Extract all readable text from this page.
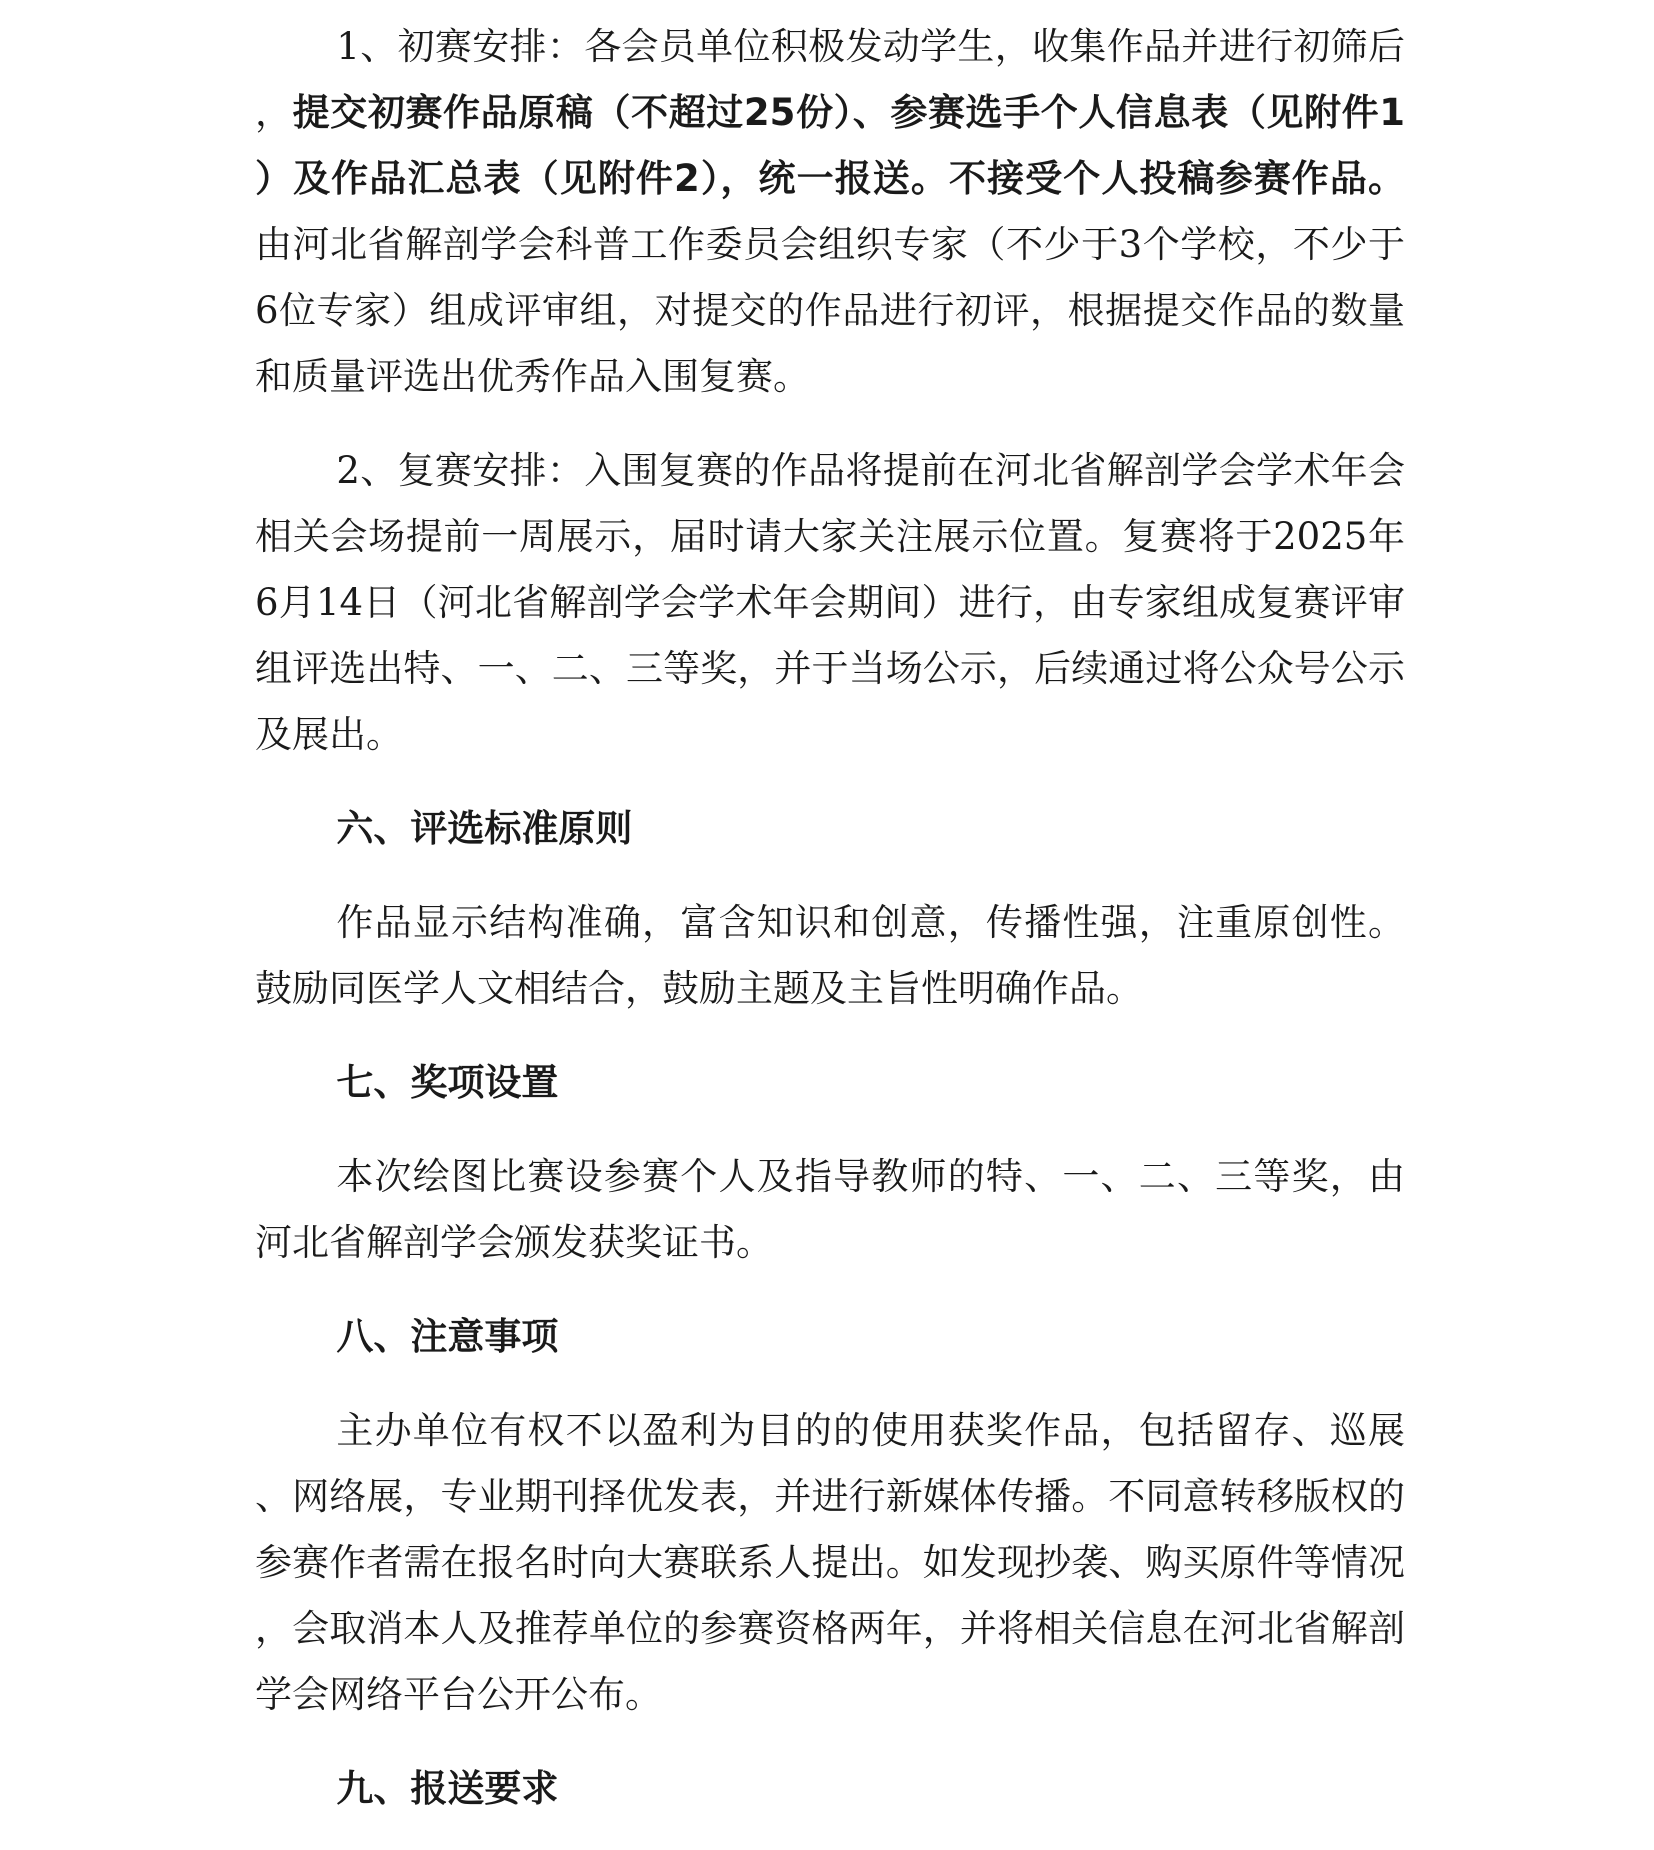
1、初赛安排：各会员单位积极发动学生，收集作品并进行初筛后，提交初赛作品原稿（不超过25份）、参赛选手个人信息表（见附件1）及作品汇总表（见附件2），统一报送。不接受个人投稿参赛作品。由河北省解剖学会科普工作委员会组织专家（不少于3个学校，不少于6位专家）组成评审组，对提交的作品进行初评，根据提交作品的数量和质量评选出优秀作品入围复赛。

2、复赛安排：入围复赛的作品将提前在河北省解剖学会学术年会相关会场提前一周展示，届时请大家关注展示位置。复赛将于2025年6月14日（河北省解剖学会学术年会期间）进行，由专家组成复赛评审组评选出特、一、二、三等奖，并于当场公示，后续通过将公众号公示及展出。

六、评选标准原则

作品显示结构准确，富含知识和创意，传播性强，注重原创性。鼓励同医学人文相结合，鼓励主题及主旨性明确作品。

七、奖项设置

本次绘图比赛设参赛个人及指导教师的特、一、二、三等奖，由河北省解剖学会颁发获奖证书。

八、注意事项

主办单位有权不以盈利为目的的使用获奖作品，包括留存、巡展、网络展，专业期刊择优发表，并进行新媒体传播。不同意转移版权的参赛作者需在报名时向大赛联系人提出。如发现抄袭、购买原件等情况，会取消本人及推荐单位的参赛资格两年，并将相关信息在河北省解剖学会网络平台公开公布。

九、报送要求
